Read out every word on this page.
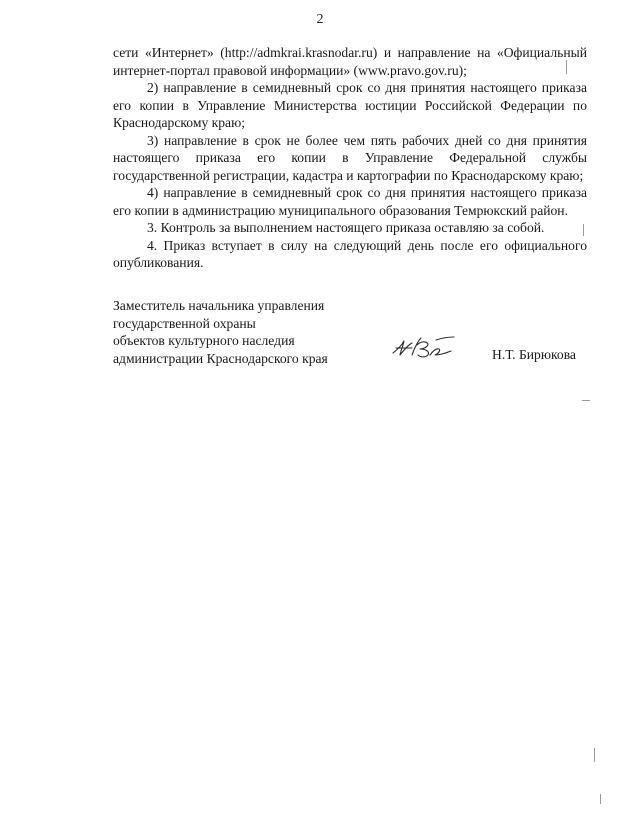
2

сети «Интернет» (http://admkrai.krasnodar.ru) и направление на «Официальный интернет-портал правовой информации» (www.pravo.gov.ru);

2) направление в семидневный срок со дня принятия настоящего приказа его копии в Управление Министерства юстиции Российской Федерации по Краснодарскому краю;

3) направление в срок не более чем пять рабочих дней со дня принятия настоящего приказа его копии в Управление Федеральной службы государственной регистрации, кадастра и картографии по Краснодарскому краю;

4) направление в семидневный срок со дня принятия настоящего приказа его копии в администрацию муниципального образования Темрюкский район.

3. Контроль за выполнением настоящего приказа оставляю за собой.

4. Приказ вступает в силу на следующий день после его официального опубликования.

Заместитель начальника управления
государственной охраны
объектов культурного наследия
администрации Краснодарского края	Н.Т. Бирюкова
